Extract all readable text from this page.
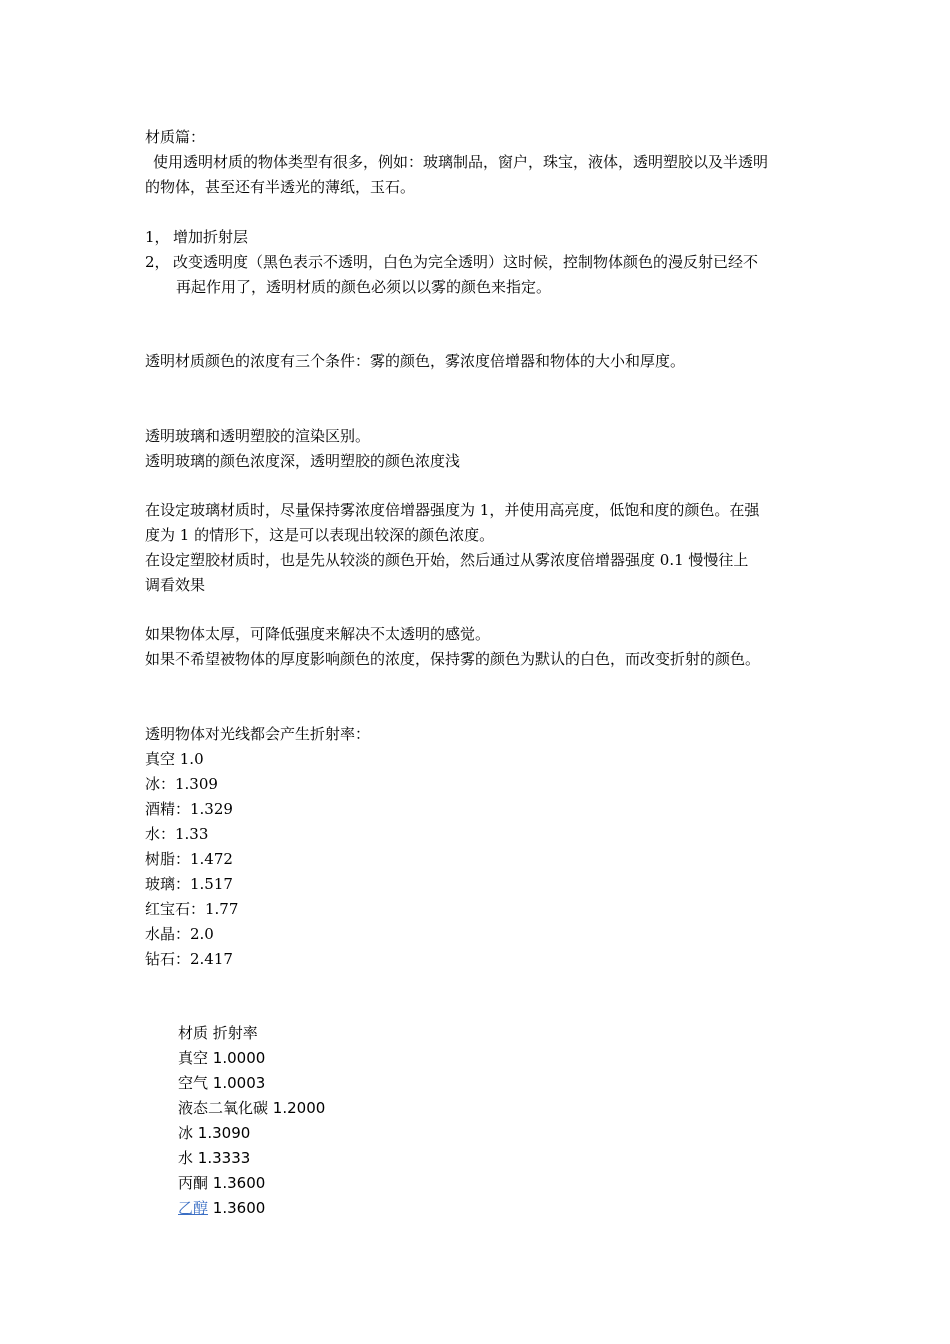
材质篇：
使用透明材质的物体类型有很多，例如：玻璃制品，窗户，珠宝，液体，透明塑胶以及半透明
的物体，甚至还有半透光的薄纸，玉石。
1， 增加折射层
2， 改变透明度（黑色表示不透明，白色为完全透明）这时候，控制物体颜色的漫反射已经不
再起作用了，透明材质的颜色必须以以雾的颜色来指定。
透明材质颜色的浓度有三个条件：雾的颜色，雾浓度倍增器和物体的大小和厚度。
透明玻璃和透明塑胶的渲染区别。
透明玻璃的颜色浓度深，透明塑胶的颜色浓度浅
在设定玻璃材质时，尽量保持雾浓度倍增器强度为 1，并使用高亮度，低饱和度的颜色。在强
度为 1 的情形下，这是可以表现出较深的颜色浓度。
在设定塑胶材质时，也是先从较淡的颜色开始，然后通过从雾浓度倍增器强度 0.1 慢慢往上
调看效果
如果物体太厚，可降低强度来解决不太透明的感觉。
如果不希望被物体的厚度影响颜色的浓度，保持雾的颜色为默认的白色，而改变折射的颜色。
透明物体对光线都会产生折射率：
真空 1.0
冰：1.309
酒精：1.329
水：1.33
树脂：1.472
玻璃：1.517
红宝石：1.77
水晶：2.0
钻石：2.417
材质 折射率
真空 1.0000
空气 1.0003
液态二氧化碳 1.2000
冰 1.3090
水 1.3333
丙酮 1.3600
乙醇 1.3600
